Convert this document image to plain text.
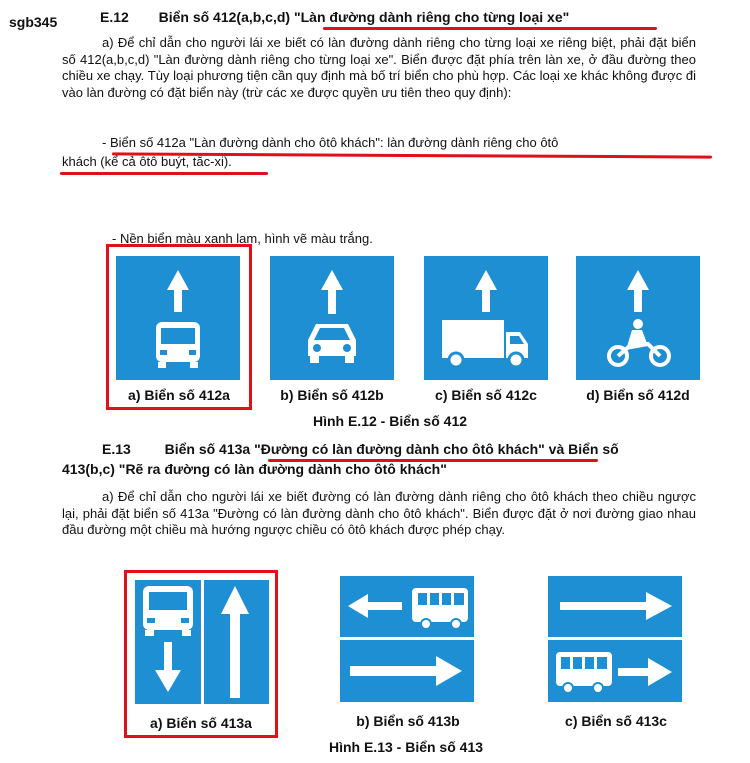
sgb345	E.12 Biển số 412(a,b,c,d) "Làn đường dành riêng cho từng loại xe"
a) Để chỉ dẫn cho người lái xe biết có làn đường dành riêng cho từng loại xe riêng biệt, phải đặt biển số 412(a,b,c,d) "Làn đường dành riêng cho từng loại xe". Biển được đặt phía trên làn xe, ở đầu đường theo chiều xe chạy. Tùy loại phương tiện cần quy định mà bố trí biển cho phù hợp. Các loại xe khác không được đi vào làn đường có đặt biển này (trừ các xe được quyền ưu tiên theo quy định):
- Biển số 412a "Làn đường dành cho ôtô khách": làn đường dành riêng cho ôtô
khách (kể cả ôtô buýt, tắc-xi).
- Nền biển màu xanh lam, hình vẽ màu trắng.
a) Biển số 412a	b) Biển số 412b	c) Biển số 412c	d) Biển số 412d
Hình E.12 - Biển số 412
E.13 Biển số 413a "Đường có làn đường dành cho ôtô khách" và Biển số
413(b,c) "Rẽ ra đường có làn đường dành cho ôtô khách"
a) Để chỉ dẫn cho người lái xe biết đường có làn đường dành riêng cho ôtô khách theo chiều ngược lại, phải đặt biển số 413a "Đường có làn đường dành cho ôtô khách". Biển được đặt ở nơi đường giao nhau đầu đường một chiều mà hướng ngược chiều có ôtô khách được phép chạy.
a) Biển số 413a	b) Biển số 413b	c) Biển số 413c
Hình E.13 - Biển số 413
